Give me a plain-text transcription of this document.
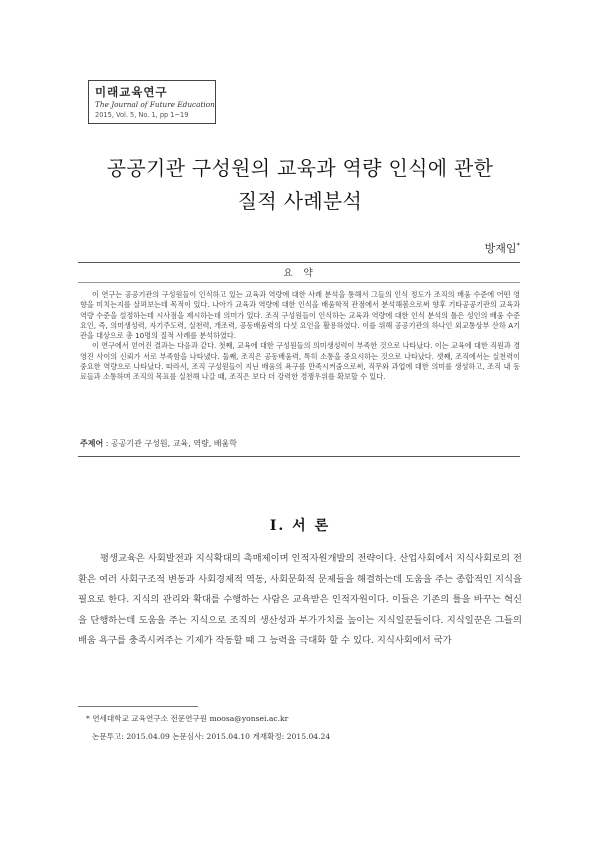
미래교육연구
The Journal of Future Education
2015, Vol. 5, No. 1, pp 1~19
공공기관 구성원의 교육과 역량 인식에 관한
질적 사례분석
방재임*
요 약

이 연구는 공공기관의 구성원들이 인식하고 있는 교육과 역량에 대한 사례 분석을 통해서 그들의 인식 정도가 조직의 배움 수준에 어떤 영향을 미치는지를 살펴보는데 목적이 있다. 나아가 교육과 역량에 대한 인식을 배움학적 관점에서 분석해봄으로써 향후 기타공공기관의 교육과 역량 수준을 설정하는데 시사점을 제시하는데 의미가 있다. 조직 구성원들이 인식하는 교육과 역량에 대한 인식 분석의 틀은 성인의 배움 수준 요인, 즉, 의미생성력, 자기주도력, 실천력, 개조력, 공동배움력의 다섯 요인을 활용하였다. 이를 위해 공공기관의 하나인 외교통상부 산하 A기관을 대상으로 총 10명의 질적 사례를 분석하였다.

이 연구에서 얻어진 결과는 다음과 같다. 첫째, 교육에 대한 구성원들의 의미생성력이 부족한 것으로 나타났다. 이는 교육에 대한 직원과 경영진 사이의 신뢰가 서로 부족함을 나타냈다. 둘째, 조직은 공동배움력, 특히 소통을 중요시하는 것으로 나타났다. 셋째, 조직에서는 실천력이 중요한 역량으로 나타났다. 따라서, 조직 구성원들이 지닌 배움의 욕구를 만족시켜줌으로써, 직무와 과업에 대한 의미를 생성하고, 조직 내 동료들과 소통하며 조직의 목표를 실천해 나갈 때, 조직은 보다 더 강력한 경쟁우위를 확보할 수 있다.

주제어 : 공공기관 구성원, 교육, 역량, 배움학
Ⅰ. 서 론

평생교육은 사회발전과 지식확대의 촉매제이며 인적자원개발의 전략이다. 산업사회에서 지식사회로의 전환은 여러 사회구조적 변동과 사회경제적 역동, 사회문화적 문제들을 해결하는데 도움을 주는 종합적인 지식을 필요로 한다. 지식의 관리와 확대를 수행하는 사람은 교육받은 인적자원이다. 이들은 기존의 틀을 바꾸는 혁신을 단행하는데 도움을 주는 지식으로 조직의 생산성과 부가가치를 높이는 지식일꾼들이다. 지식일꾼은 그들의 배움 욕구를 충족시켜주는 기제가 작동할 때 그 능력을 극대화 할 수 있다. 지식사회에서 국가

* 연세대학교 교육연구소 전문연구원 moosa@yonsei.ac.kr
논문투고: 2015.04.09 논문심사: 2015.04.10 게재확정: 2015.04.24
